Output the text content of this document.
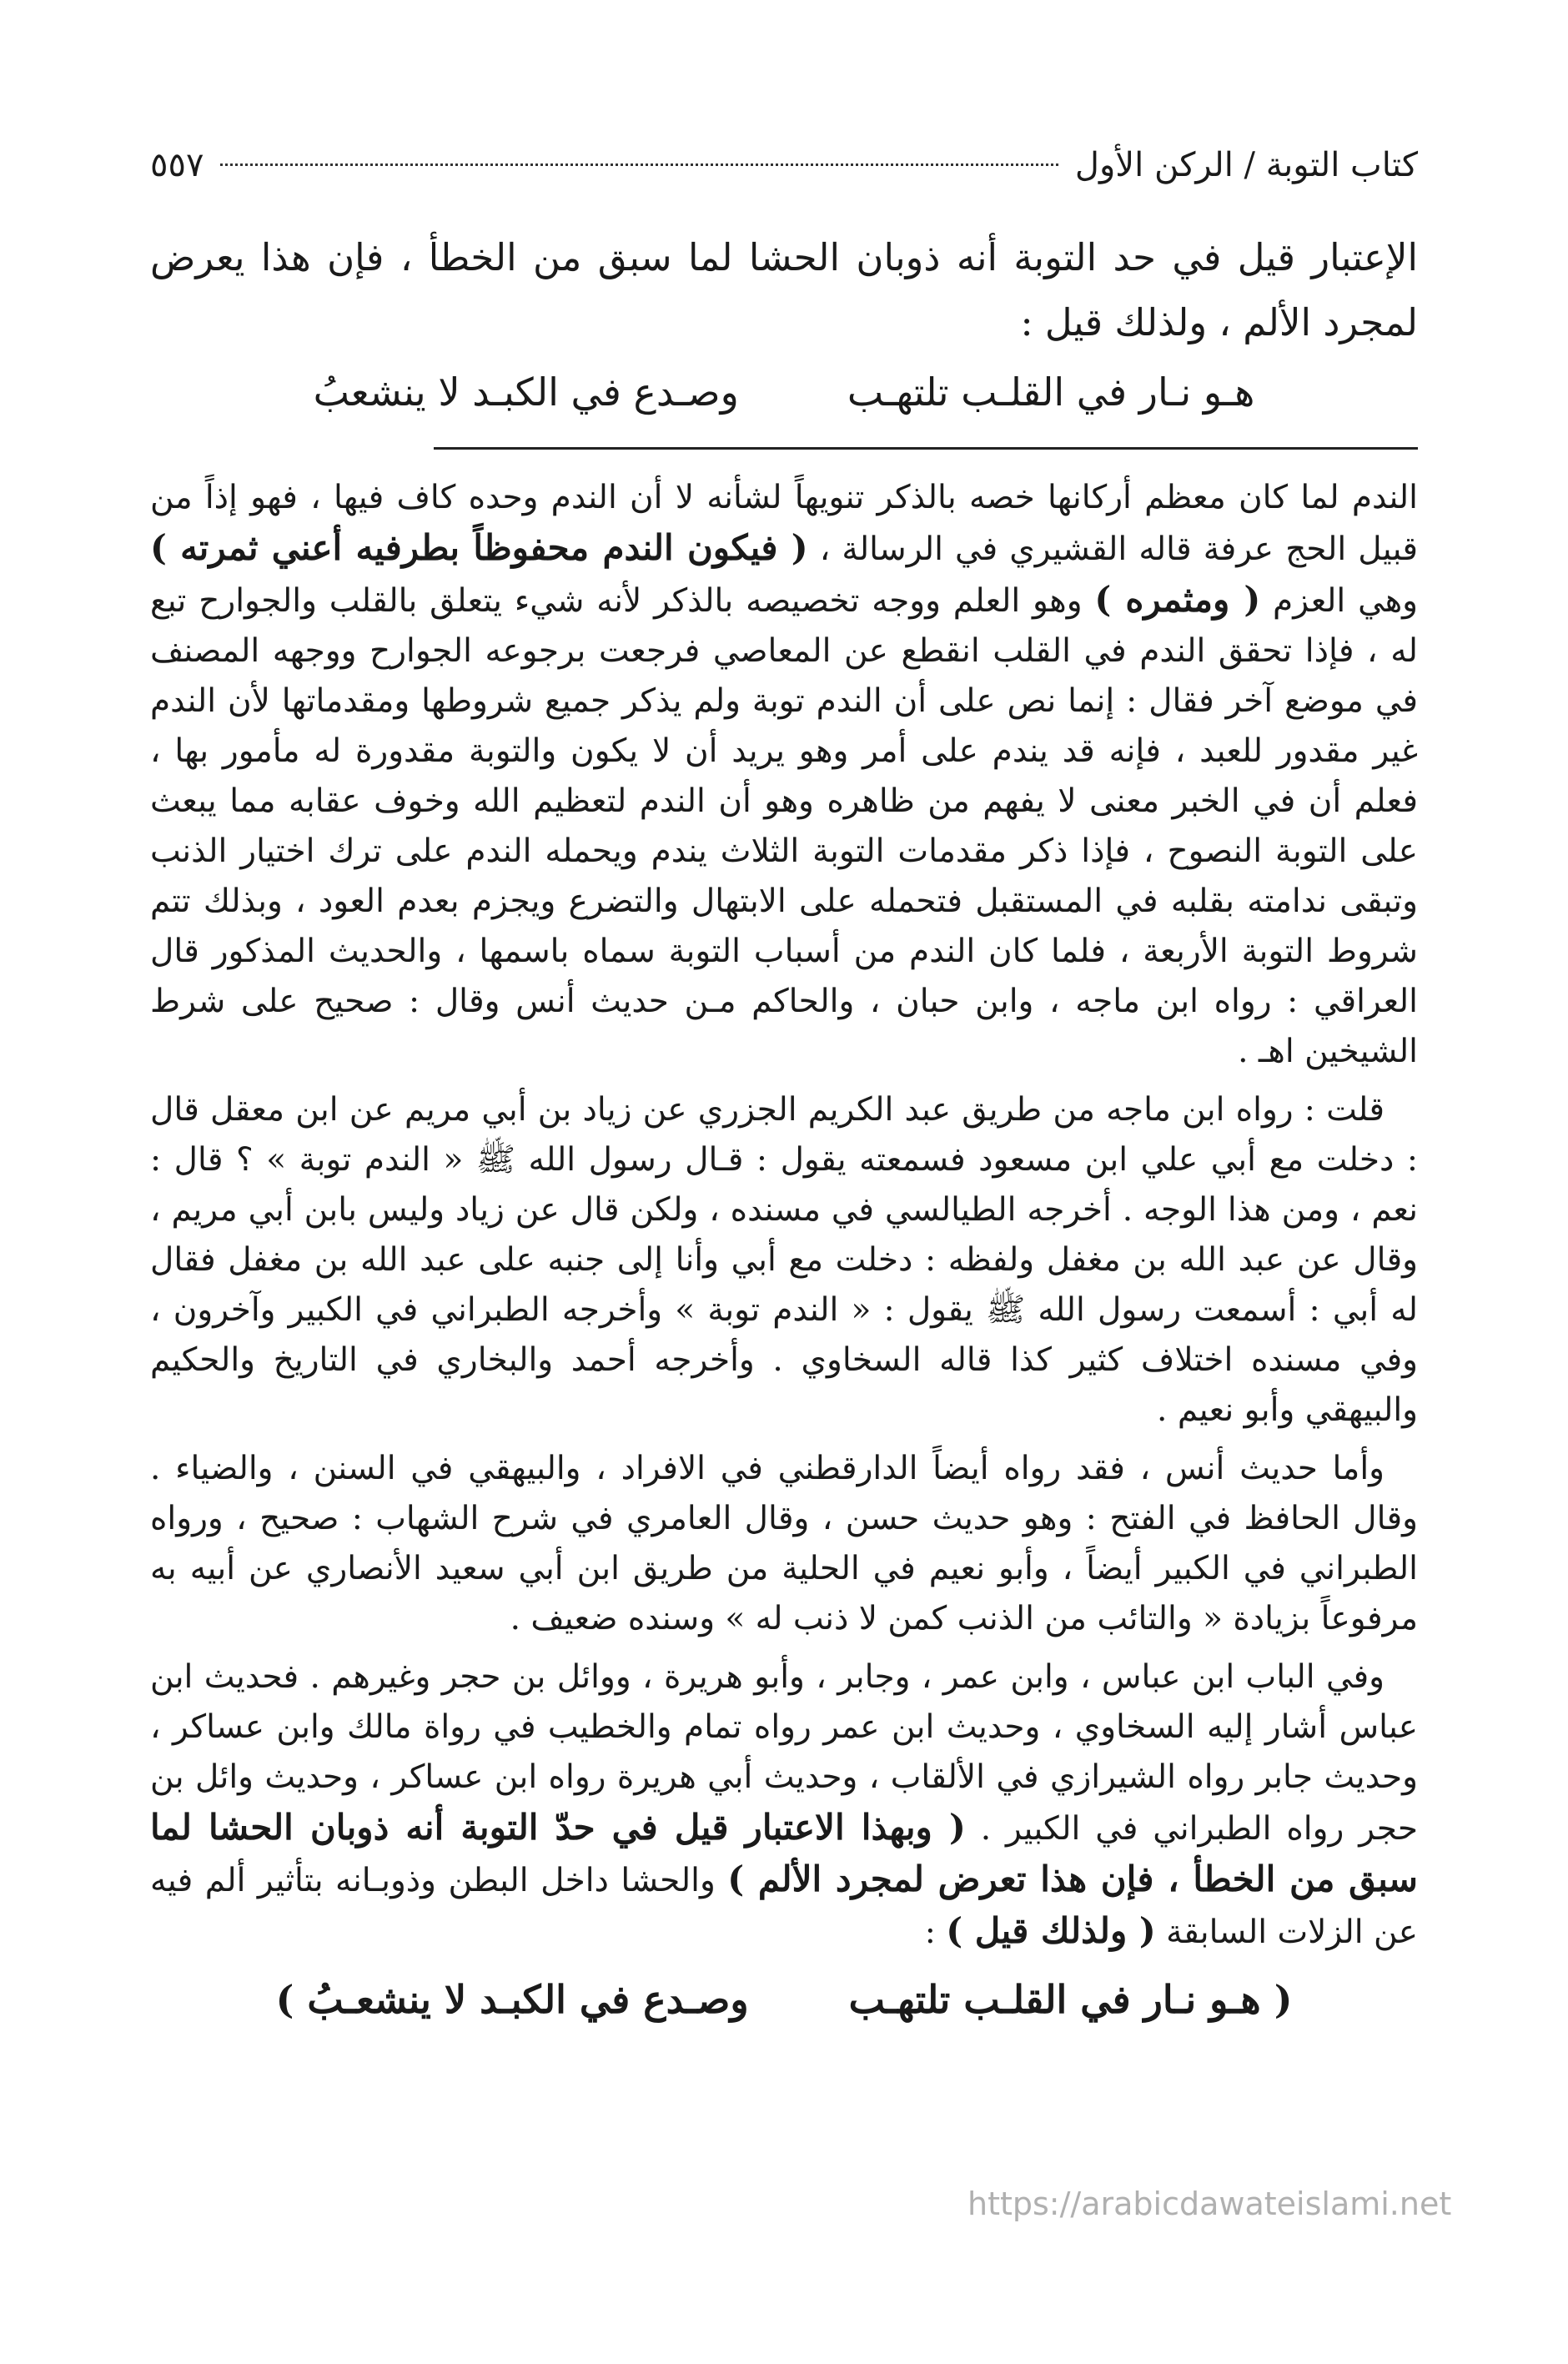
كتاب التوبة / الركن الأول
٥٥٧
الإعتبار قيل في حد التوبة أنه ذوبان الحشا لما سبق من الخطأ ، فإن هذا يعرض لمجرد الألم ، ولذلك قيل :
هـو نـار في القلـب تلتهـب
وصـدع في الكبـد لا ينشعبُ

الندم لما كان معظم أركانها خصه بالذكر تنويهاً لشأنه لا أن الندم وحده كاف فيها ، فهو إذاً من قبيل الحج عرفة قاله القشيري في الرسالة ، ( فيكون الندم محفوظاً بطرفيه أعني ثمرته ) وهي العزم ( ومثمره ) وهو العلم ووجه تخصيصه بالذكر لأنه شيء يتعلق بالقلب والجوارح تبع له ، فإذا تحقق الندم في القلب انقطع عن المعاصي فرجعت برجوعه الجوارح ووجهه المصنف في موضع آخر فقال : إنما نص على أن الندم توبة ولم يذكر جميع شروطها ومقدماتها لأن الندم غير مقدور للعبد ، فإنه قد يندم على أمر وهو يريد أن لا يكون والتوبة مقدورة له مأمور بها ، فعلم أن في الخبر معنى لا يفهم من ظاهره وهو أن الندم لتعظيم الله وخوف عقابه مما يبعث على التوبة النصوح ، فإذا ذكر مقدمات التوبة الثلاث يندم ويحمله الندم على ترك اختيار الذنب وتبقى ندامته بقلبه في المستقبل فتحمله على الابتهال والتضرع ويجزم بعدم العود ، وبذلك تتم شروط التوبة الأربعة ، فلما كان الندم من أسباب التوبة سماه باسمها ، والحديث المذكور قال العراقي : رواه ابن ماجه ، وابن حبان ، والحاكم مـن حديث أنس وقال : صحيح على شرط الشيخين اهـ .

قلت : رواه ابن ماجه من طريق عبد الكريم الجزري عن زياد بن أبي مريم عن ابن معقل قال : دخلت مع أبي علي ابن مسعود فسمعته يقول : قـال رسول الله ﷺ « الندم توبة » ؟ قال : نعم ، ومن هذا الوجه . أخرجه الطيالسي في مسنده ، ولكن قال عن زياد وليس بابن أبي مريم ، وقال عن عبد الله بن مغفل ولفظه : دخلت مع أبي وأنا إلى جنبه على عبد الله بن مغفل فقال له أبي : أسمعت رسول الله ﷺ يقول : « الندم توبة » وأخرجه الطبراني في الكبير وآخرون ، وفي مسنده اختلاف كثير كذا قاله السخاوي . وأخرجه أحمد والبخاري في التاريخ والحكيم والبيهقي وأبو نعيم .

وأما حديث أنس ، فقد رواه أيضاً الدارقطني في الافراد ، والبيهقي في السنن ، والضياء . وقال الحافظ في الفتح : وهو حديث حسن ، وقال العامري في شرح الشهاب : صحيح ، ورواه الطبراني في الكبير أيضاً ، وأبو نعيم في الحلية من طريق ابن أبي سعيد الأنصاري عن أبيه به مرفوعاً بزيادة « والتائب من الذنب كمن لا ذنب له » وسنده ضعيف .

وفي الباب ابن عباس ، وابن عمر ، وجابر ، وأبو هريرة ، ووائل بن حجر وغيرهم . فحديث ابن عباس أشار إليه السخاوي ، وحديث ابن عمر رواه تمام والخطيب في رواة مالك وابن عساكر ، وحديث جابر رواه الشيرازي في الألقاب ، وحديث أبي هريرة رواه ابن عساكر ، وحديث وائل بن حجر رواه الطبراني في الكبير . ( وبهذا الاعتبار قيل في حدّ التوبة أنه ذوبان الحشا لما سبق من الخطأ ، فإن هذا تعرض لمجرد الألم ) والحشا داخل البطن وذوبـانه بتأثير ألم فيه عن الزلات السابقة ( ولذلك قيل ) :

( هـو نـار في القلـب تلتهـب
وصـدع في الكبـد لا ينشعـبُ )
https://arabicdawateislami.net
